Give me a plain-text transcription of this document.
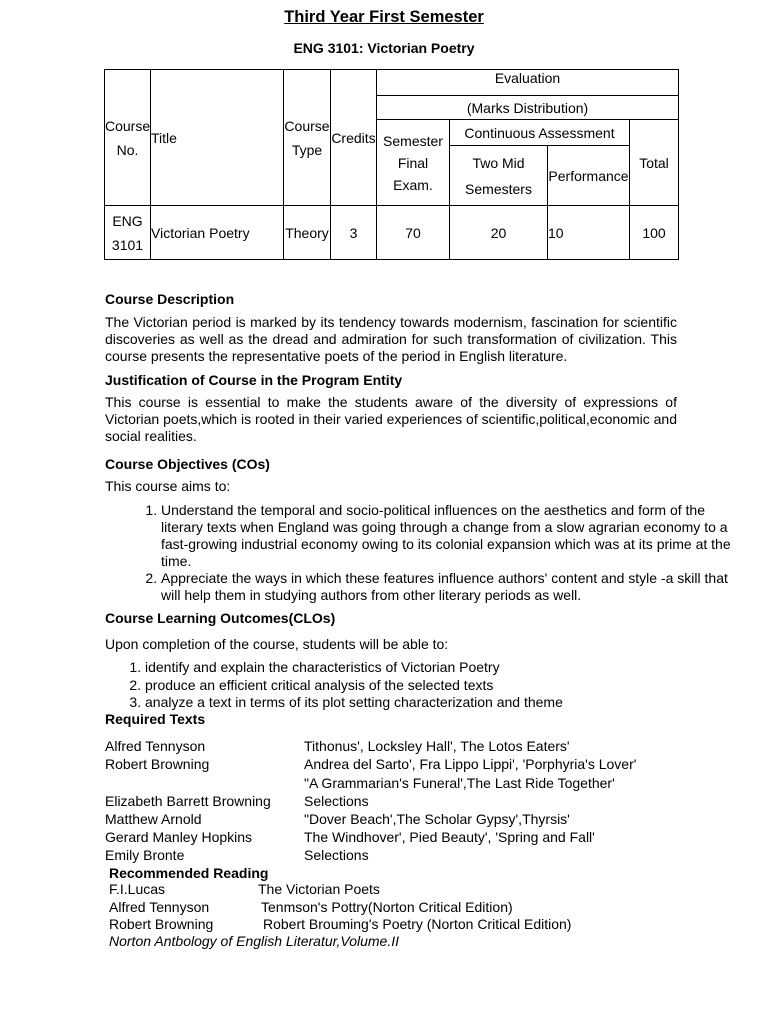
Third Year First Semester
ENG 3101: Victorian Poetry
Course No.	Title	Course Type	Credits	Evaluation			
				(Marks Distribution)			
				Semester Final Exam.	Continuous Assessment		Total
					Two Mid Semesters	Performance	

ENG 3101	Victorian Poetry	Theory	3	70	20	10	100
Course Description
The Victorian period is marked by its tendency towards modernism, fascination for scientific discoveries as well as the dread and admiration for such transformation of civilization. This course presents the representative poets of the period in English literature.
Justification of Course in the Program Entity
This course is essential to make the students aware of the diversity of expressions of Victorian poets,which is rooted in their varied experiences of scientific,political,economic and social realities.
Course Objectives (COs)
This course aims to:
1. Understand the temporal and socio-political influences on the aesthetics and form of the literary texts when England was going through a change from a slow agrarian economy to a fast-growing industrial economy owing to its colonial expansion which was at its prime at the time.
2. Appreciate the ways in which these features influence authors' content and style -a skill that will help them in studying authors from other literary periods as well.
Course Learning Outcomes(CLOs)
Upon completion of the course, students will be able to:
1. identify and explain the characteristics of Victorian Poetry
2. produce an efficient critical analysis of the selected texts
3. analyze a text in terms of its plot setting characterization and theme
Required Texts
Alfred Tennyson	Tithonus', Locksley Hall', The Lotos Eaters'
Robert Browning	Andrea del Sarto', Fra Lippo Lippi', 'Porphyria's Lover'
"A Grammarian's Funeral',The Last Ride Together'
Elizabeth Barrett Browning Selections
Matthew Arnold	"Dover Beach',The Scholar Gypsy',Thyrsis'
Gerard Manley Hopkins	The Windhover', Pied Beauty', 'Spring and Fall'
Emily Bronte	Selections
Recommended Reading
F.I.Lucas	The Victorian Poets
Alfred Tennyson	Tenmson's Pottry(Norton Critical Edition)
Robert Browning	Robert Brouming's Poetry (Norton Critical Edition)
Norton Antbology of English Literatur,Volume.II
